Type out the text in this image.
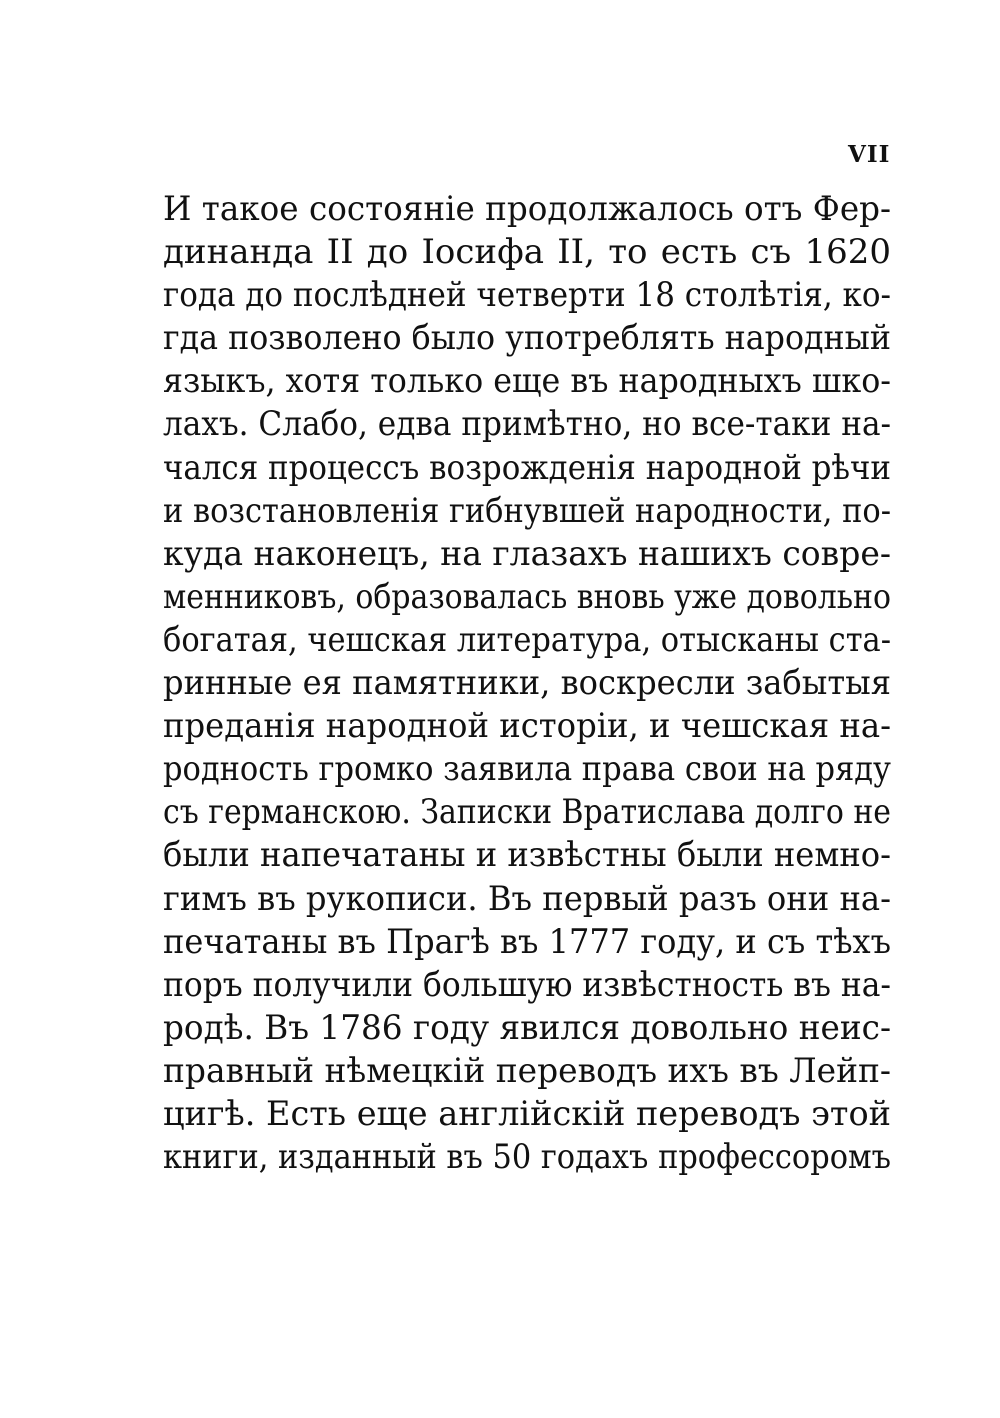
VII
И такое состояніе продолжалось отъ Фер-
динанда II до Іосифа II, то есть съ 1620
года до послѣдней четверти 18 столѣтія, ко-
гда позволено было употреблять народный
языкъ, хотя только еще въ народныхъ шко-
лахъ. Слабо, едва примѣтно, но все-таки на-
чался процессъ возрожденія народной рѣчи
и возстановленія гибнувшей народности, по-
куда наконецъ, на глазахъ нашихъ совре-
менниковъ, образовалась вновь уже довольно
богатая, чешская литература, отысканы ста-
ринные ея памятники, воскресли забытыя
преданія народной исторіи, и чешская на-
родность громко заявила права свои на ряду
съ германскою. Записки Вратислава долго не
были напечатаны и извѣстны были немно-
гимъ въ рукописи. Въ первый разъ они на-
печатаны въ Прагѣ въ 1777 году, и съ тѣхъ
поръ получили большую извѣстность въ на-
родѣ. Въ 1786 году явился довольно неис-
правный нѣмецкій переводъ ихъ въ Лейп-
цигѣ. Есть еще англійскій переводъ этой
книги, изданный въ 50 годахъ профессоромъ
